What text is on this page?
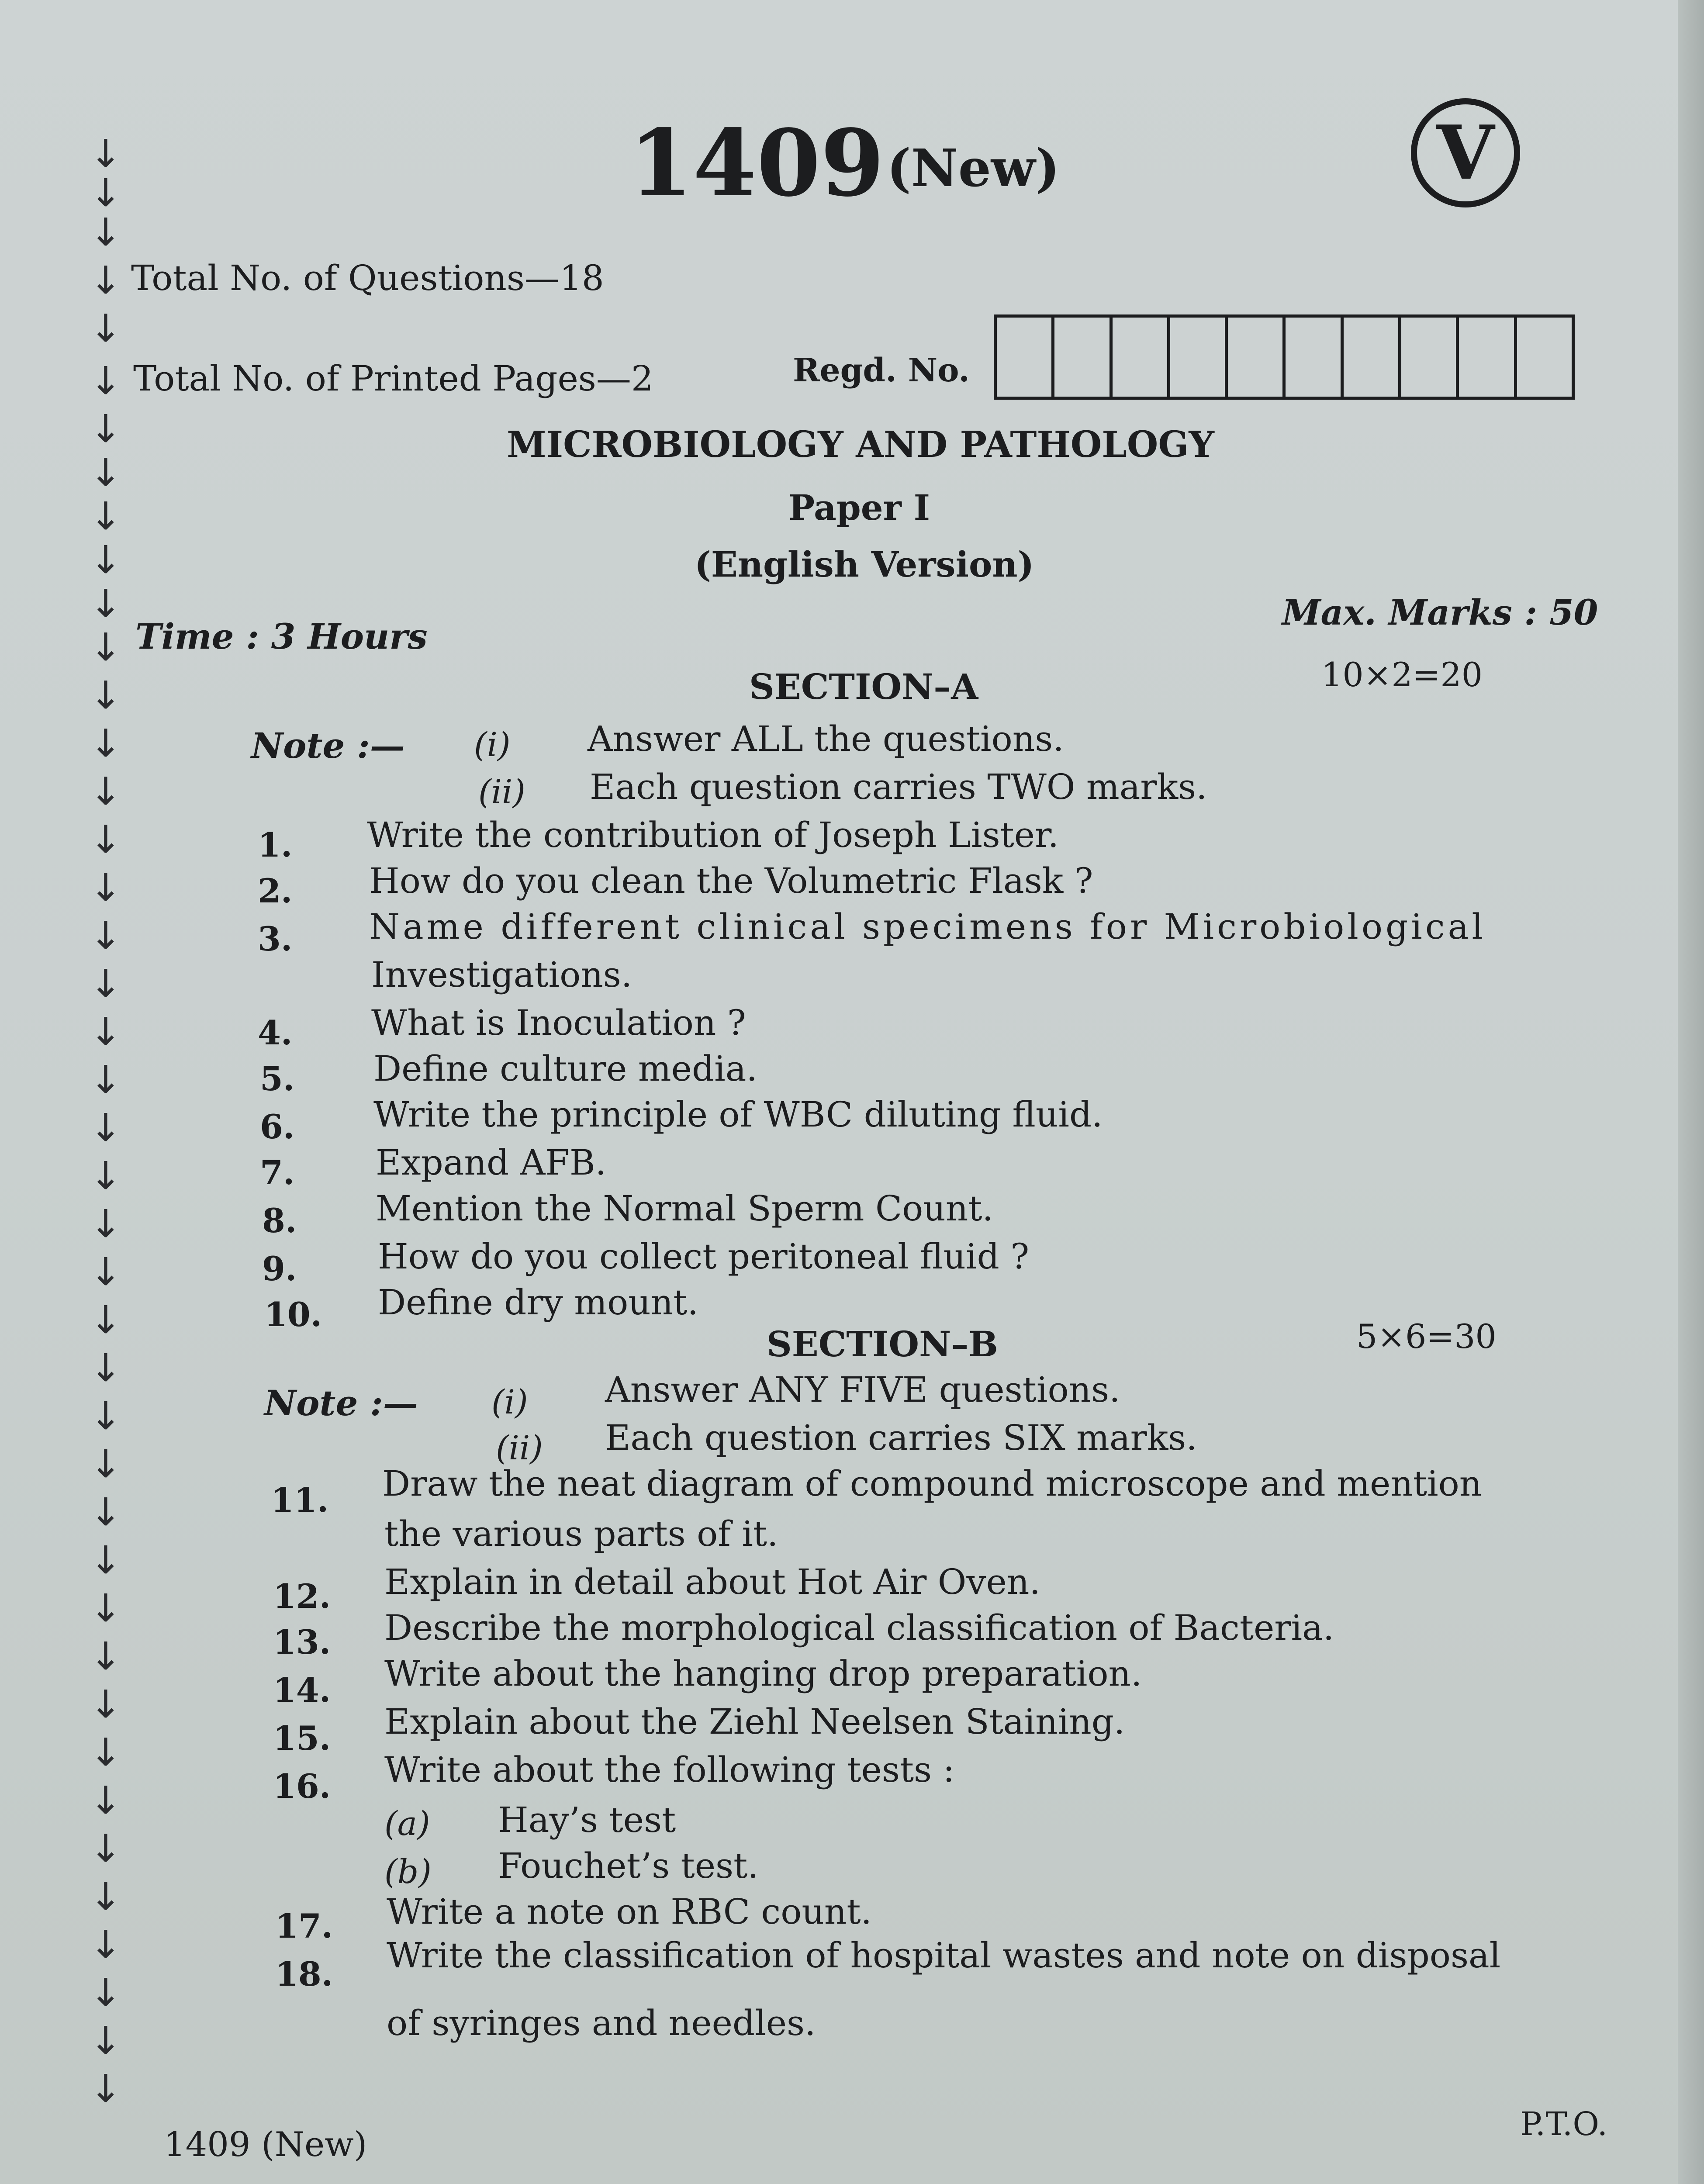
↓
↓
↓
↓
↓
↓
↓
↓
↓
↓
↓
↓
↓
↓
↓
↓
↓
↓
↓
↓
↓
↓
↓
↓
↓
↓
↓
↓
↓
↓
↓
↓
↓
↓
↓
↓
↓
↓
↓
↓
↓
↓
1409 (New)	V
Total No. of Questions—18
Total No. of Printed Pages—2	Regd. No.
MICROBIOLOGY AND PATHOLOGY
Paper I
(English Version)
Time : 3 Hours
Max. Marks : 50
SECTION–A	10×2=20
Note :— (i) Answer ALL the questions.
(ii) Each question carries TWO marks.
1. Write the contribution of Joseph Lister.
2. How do you clean the Volumetric Flask ?
3. Name different clinical specimens for Microbiological
Investigations.
4. What is Inoculation ?
5. Define culture media.
6. Write the principle of WBC diluting fluid.
7. Expand AFB.
8. Mention the Normal Sperm Count.
9. How do you collect peritoneal fluid ?
10. Define dry mount.
SECTION–B	5×6=30
Note :— (i) Answer ANY FIVE questions.
(ii) Each question carries SIX marks.
11. Draw the neat diagram of compound microscope and mention
the various parts of it.
12. Explain in detail about Hot Air Oven.
13. Describe the morphological classification of Bacteria.
14. Write about the hanging drop preparation.
15. Explain about the Ziehl Neelsen Staining.
16. Write about the following tests :
(a) Hay’s test
(b) Fouchet’s test.
17. Write a note on RBC count.
18. Write the classification of hospital wastes and note on disposal
of syringes and needles.
1409 (New)
P.T.O.
